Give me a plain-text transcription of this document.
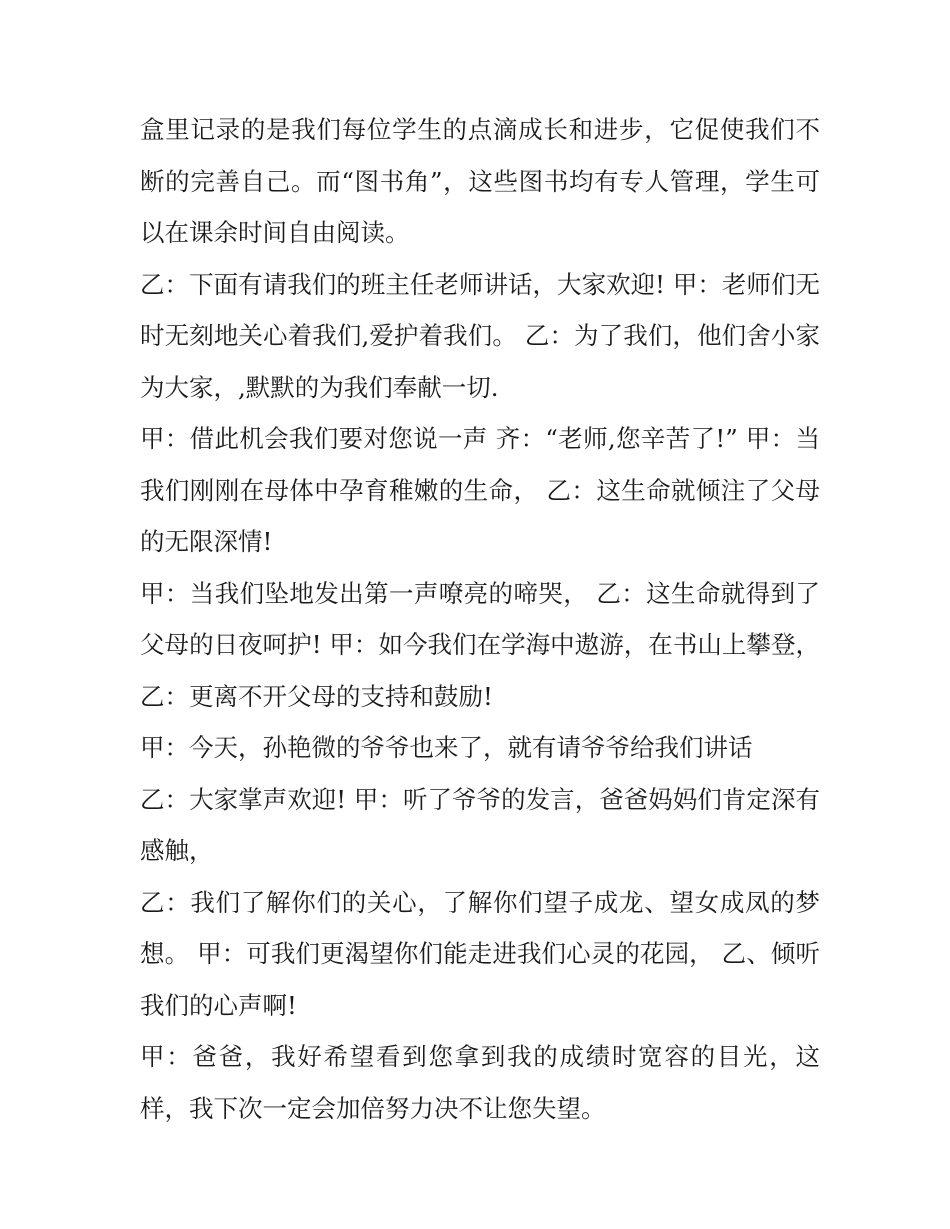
盒里记录的是我们每位学生的点滴成长和进步，它促使我们不断的完善自己。而“图书角”，这些图书均有专人管理，学生可以在课余时间自由阅读。

乙：下面有请我们的班主任老师讲话，大家欢迎! 甲：老师们无时无刻地关心着我们,爱护着我们。 乙：为了我们，他们舍小家为大家，,默默的为我们奉献一切.

甲：借此机会我们要对您说一声 齐：“老师,您辛苦了!” 甲：当我们刚刚在母体中孕育稚嫩的生命， 乙：这生命就倾注了父母的无限深情!

甲：当我们坠地发出第一声嘹亮的啼哭， 乙：这生命就得到了父母的日夜呵护! 甲：如今我们在学海中遨游，在书山上攀登， 乙：更离不开父母的支持和鼓励!

甲：今天，孙艳微的爷爷也来了，就有请爷爷给我们讲话

乙：大家掌声欢迎! 甲：听了爷爷的发言，爸爸妈妈们肯定深有感触，

乙：我们了解你们的关心，了解你们望子成龙、望女成凤的梦想。 甲：可我们更渴望你们能走进我们心灵的花园， 乙、倾听我们的心声啊!

甲：爸爸，我好希望看到您拿到我的成绩时宽容的目光，这样，我下次一定会加倍努力决不让您失望。
